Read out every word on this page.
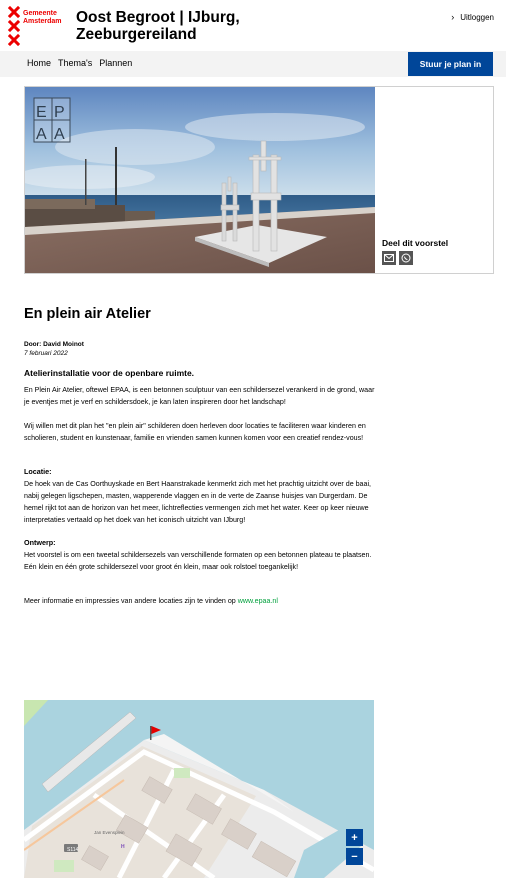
Gemeente
Amsterdam Oost Begroot | IJburg, Zeeburgereiland
› Uitloggen
Home Thema's Plannen	Stuur je plan in
E P
A A
Deel dit voorstel
En plein air Atelier
Door: David Moinot
7 februari 2022
Atelierinstallatie voor de openbare ruimte.

En Plein Air Atelier, oftewel EPAA, is een betonnen sculptuur van een schildersezel verankerd in de grond, waar je eventjes met je verf en schildersdoek, je kan laten inspireren door het landschap!

Wij willen met dit plan het "en plein air" schilderen doen herleven door locaties te faciliteren waar kinderen en scholieren, student en kunstenaar, familie en vrienden samen kunnen komen voor een creatief rendez-vous!

Locatie:

De hoek van de Cas Oorthuyskade en Bert Haanstrakade kenmerkt zich met het prachtig uitzicht over de baai, nabij gelegen ligschepen, masten, wapperende vlaggen en in de verte de Zaanse huisjes van Durgerdam. De hemel rijkt tot aan de horizon van het meer, lichtreflecties vermengen zich met het water. Keer op keer nieuwe interpretaties vertaald op het doek van het iconisch uitzicht van IJburg!

Ontwerp:

Het voorstel is om een tweetal schildersezels van verschillende formaten op een betonnen plateau te plaatsen. Eén klein en één grote schildersezel voor groot én klein, maar ook rolstoel toegankelijk!

Meer informatie en impressies van andere locaties zijn te vinden op www.epaa.nl

S114	H
Jan Evensplein	+
−
